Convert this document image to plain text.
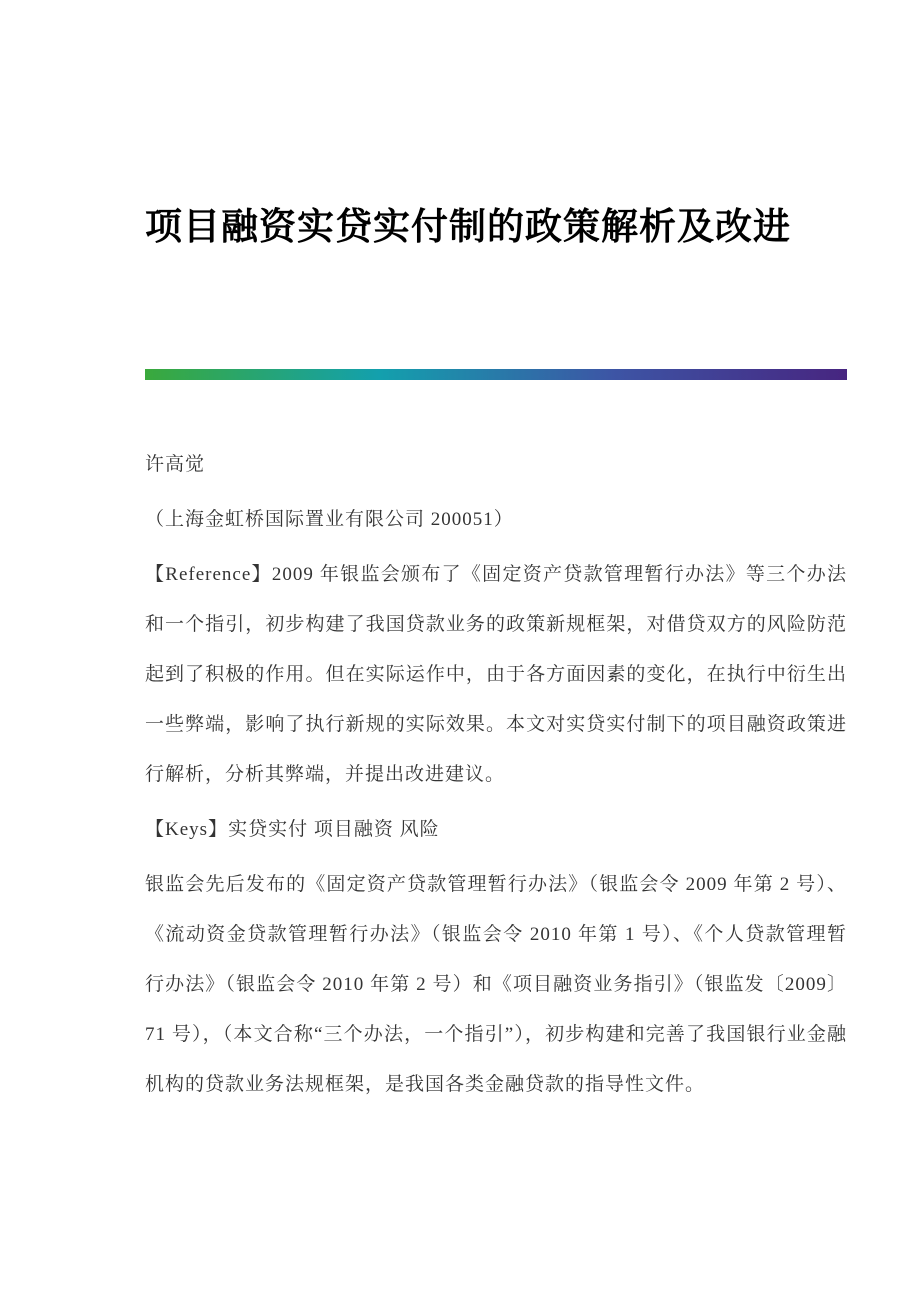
项目融资实贷实付制的政策解析及改进

许高觉

（上海金虹桥国际置业有限公司 200051）

【Reference】2009 年银监会颁布了《固定资产贷款管理暂行办法》等三个办法和一个指引，初步构建了我国贷款业务的政策新规框架，对借贷双方的风险防范起到了积极的作用。但在实际运作中，由于各方面因素的变化，在执行中衍生出一些弊端，影响了执行新规的实际效果。本文对实贷实付制下的项目融资政策进行解析，分析其弊端，并提出改进建议。

【Keys】实贷实付 项目融资 风险

银监会先后发布的《固定资产贷款管理暂行办法》（银监会令 2009 年第 2 号）、《流动资金贷款管理暂行办法》（银监会令 2010 年第 1 号）、《个人贷款管理暂行办法》（银监会令 2010 年第 2 号）和《项目融资业务指引》（银监发〔2009〕71 号），（本文合称“三个办法，一个指引”），初步构建和完善了我国银行业金融机构的贷款业务法规框架，是我国各类金融贷款的指导性文件。
